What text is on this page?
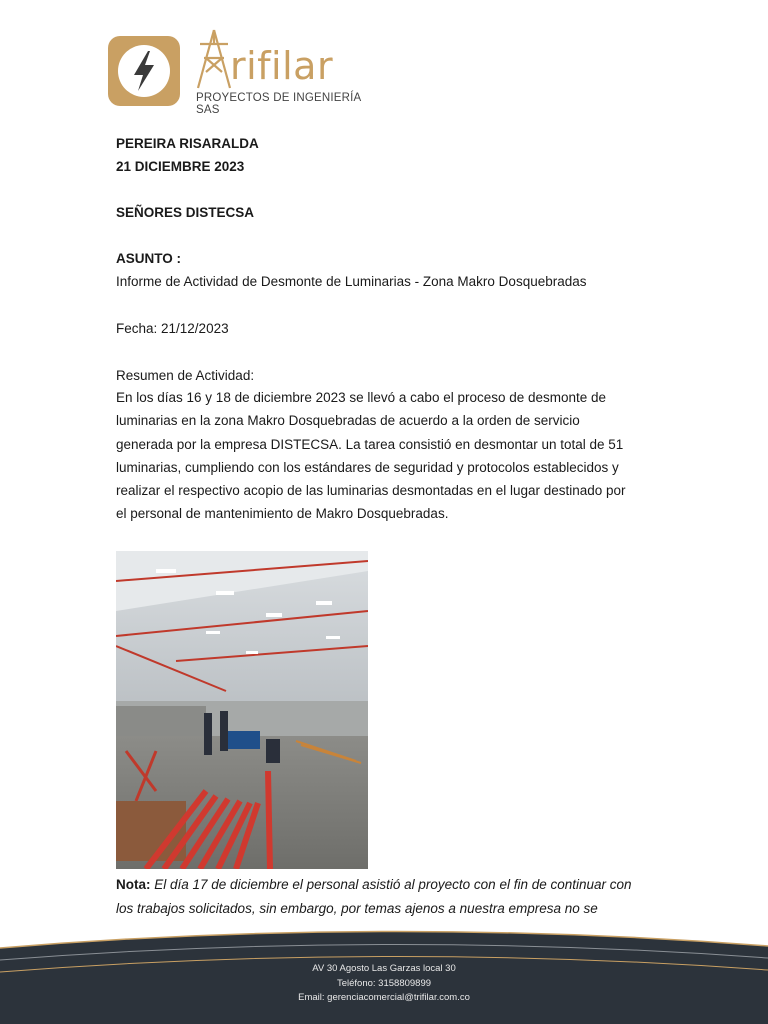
rifilar
PROYECTOS DE INGENIERÍA SAS
PEREIRA RISARALDA
21 DICIEMBRE 2023
SEÑORES DISTECSA
ASUNTO :
Informe de Actividad de Desmonte de Luminarias - Zona Makro Dosquebradas
Fecha: 21/12/2023
Resumen de Actividad:
En los días 16 y 18 de diciembre 2023 se llevó a cabo el proceso de desmonte de
luminarias en la zona Makro Dosquebradas de acuerdo a la orden de servicio
generada por la empresa DISTECSA. La tarea consistió en desmontar un total de 51
luminarias, cumpliendo con los estándares de seguridad y protocolos establecidos y
realizar el respectivo acopio de las luminarias desmontadas en el lugar destinado por
el personal de mantenimiento de Makro Dosquebradas.
Nota: El día 17 de diciembre el personal asistió al proyecto con el fin de continuar con
los trabajos solicitados, sin embargo, por temas ajenos a nuestra empresa no se
AV 30 Agosto Las Garzas local 30
Teléfono: 3158809899
Email: gerenciacomercial@trifilar.com.co
